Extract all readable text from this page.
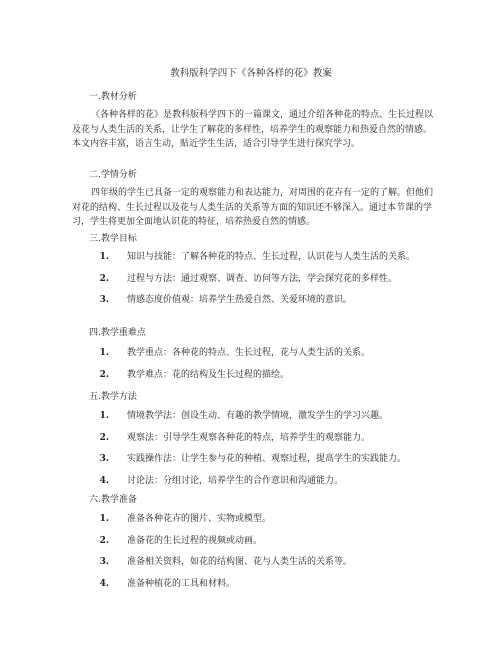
教科版科学四下《各种各样的花》教案

一.教材分析

《各种各样的花》是教科版科学四下的一篇课文，通过介绍各种花的特点、生长过程以及花与人类生活的关系，让学生了解花的多样性，培养学生的观察能力和热爱自然的情感。本文内容丰富，语言生动，贴近学生生活，适合引导学生进行探究学习。

二.学情分析

四年级的学生已具备一定的观察能力和表达能力，对周围的花卉有一定的了解。但他们对花的结构、生长过程以及花与人类生活的关系等方面的知识还不够深入。通过本节课的学习，学生将更加全面地认识花的特征，培养热爱自然的情感。

三.教学目标

1.	知识与技能：了解各种花的特点、生长过程，认识花与人类生活的关系。
2.	过程与方法：通过观察、调查、访问等方法，学会探究花的多样性。
3.	情感态度价值观：培养学生热爱自然、关爱环境的意识。

四.教学重难点

1.	教学重点：各种花的特点、生长过程，花与人类生活的关系。
2.	教学难点：花的结构及生长过程的描绘。

五.教学方法

1.	情境教学法：创设生动、有趣的教学情境，激发学生的学习兴趣。
2.	观察法：引导学生观察各种花的特点，培养学生的观察能力。
3.	实践操作法：让学生参与花的种植、观察过程，提高学生的实践能力。
4.	讨论法：分组讨论，培养学生的合作意识和沟通能力。

六.教学准备

1.	准备各种花卉的图片、实物或模型。
2.	准备花的生长过程的视频或动画。
3.	准备相关资料，如花的结构图、花与人类生活的关系等。
4.	准备种植花的工具和材料。
